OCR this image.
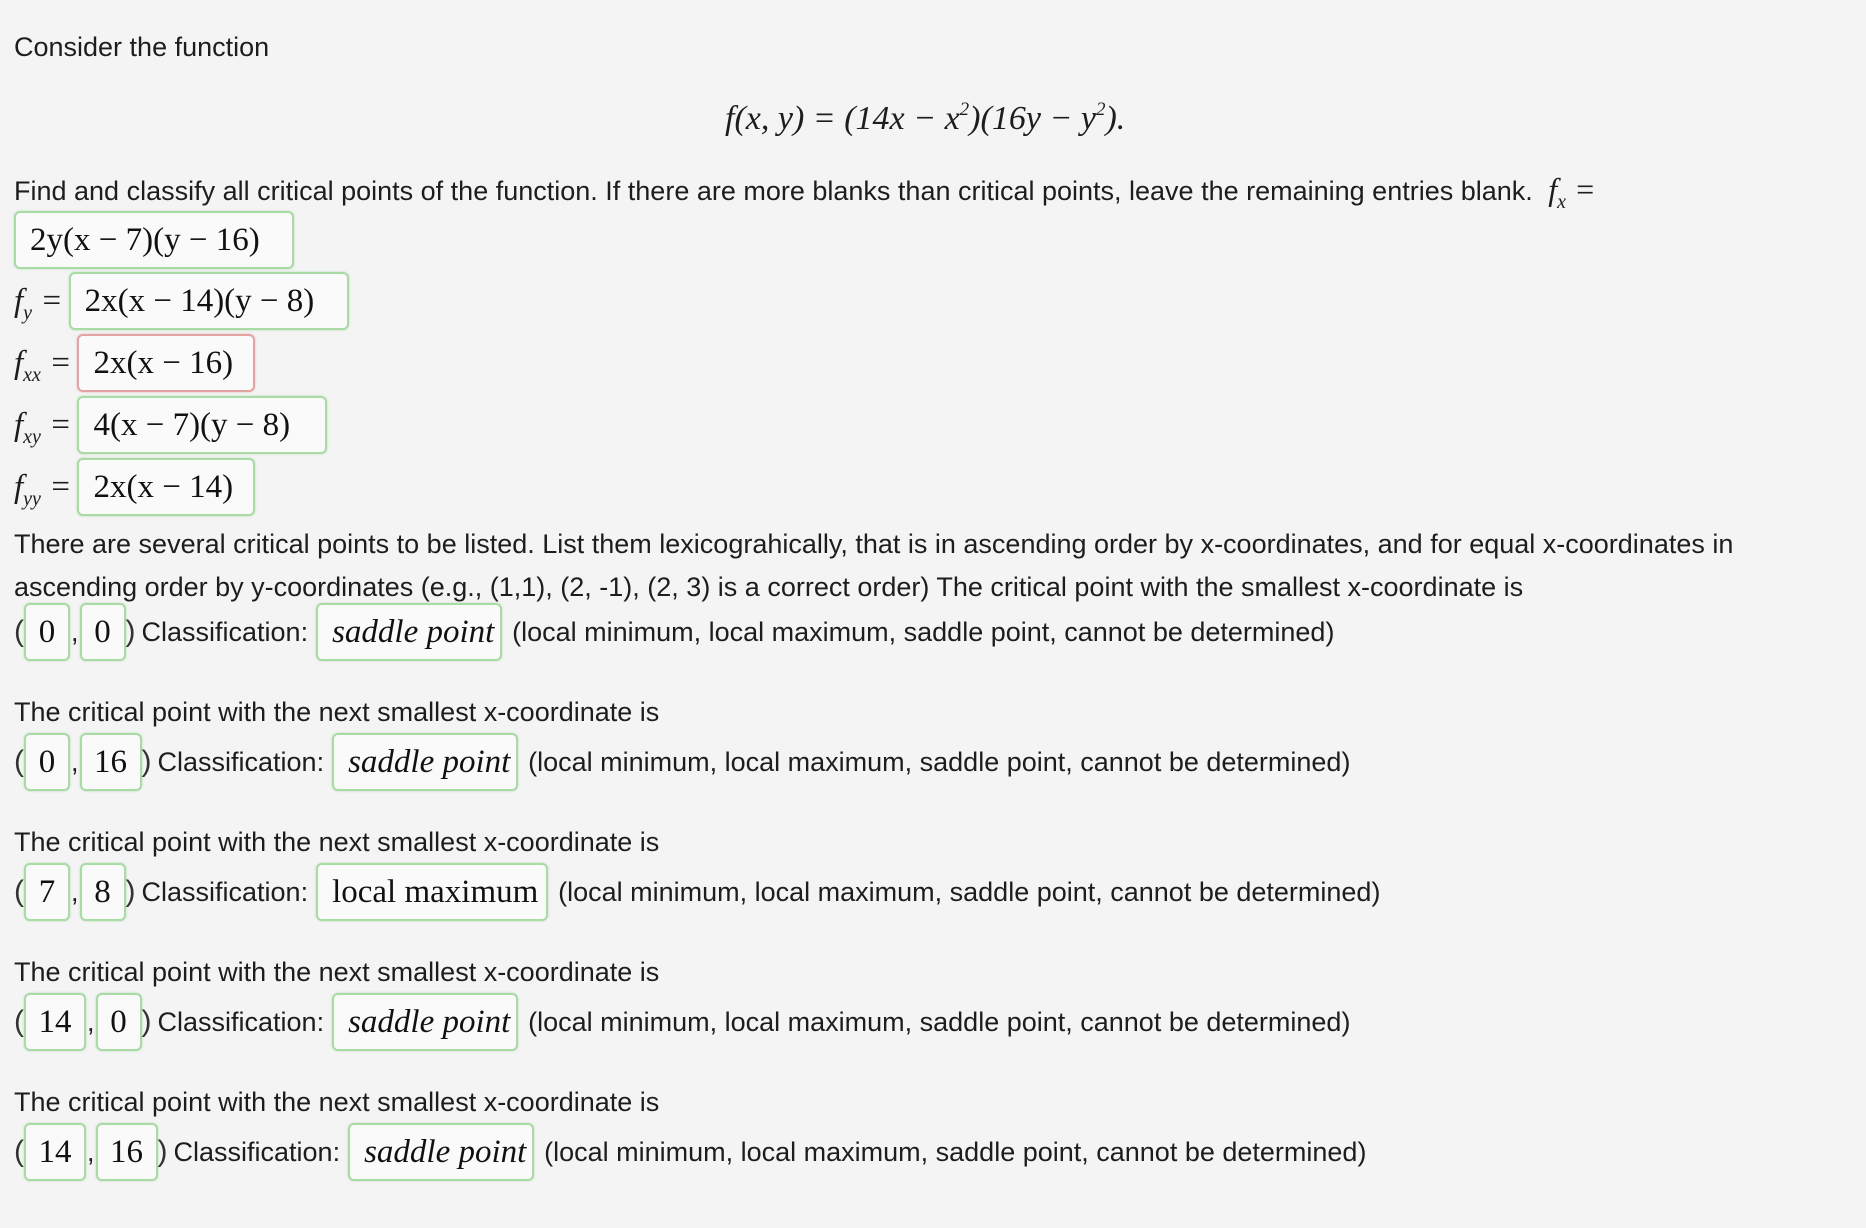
Consider the function
f(x, $y) = (14x - x^2)(16y - y^2)$.
Find and classify all critical points of the function. If there are more blanks than critical points, leave the remaining entries blank. $f_x$ =
2y(x − 7)(y − 16)
$f_y = 2x(x - 14)(y - 8)$
$f_{xx} = 2x(x - 16)$
$f_{xy} = 4(x - 7)(y - 8)$
$f_{yy} = 2x(x - 14)$
There are several critical points to be listed. List them lexicograhically, that is in ascending order by x-coordinates, and for equal x-coordinates in ascending order by y-coordinates (e.g., (1,1), (2, -1), (2, 3) is a correct order) The critical point with the smallest x-coordinate is
( 0 , 0 ) Classification: saddle point (local minimum, local maximum, saddle point, cannot be determined)
The critical point with the next smallest x-coordinate is
( 0 , 16 ) Classification: saddle point (local minimum, local maximum, saddle point, cannot be determined)
The critical point with the next smallest x-coordinate is
( 7 , 8 ) Classification: local maximum (local minimum, local maximum, saddle point, cannot be determined)
The critical point with the next smallest x-coordinate is
( 14 , 0 ) Classification: saddle point (local minimum, local maximum, saddle point, cannot be determined)
The critical point with the next smallest x-coordinate is
( 14 , 16 ) Classification: saddle point (local minimum, local maximum, saddle point, cannot be determined)
